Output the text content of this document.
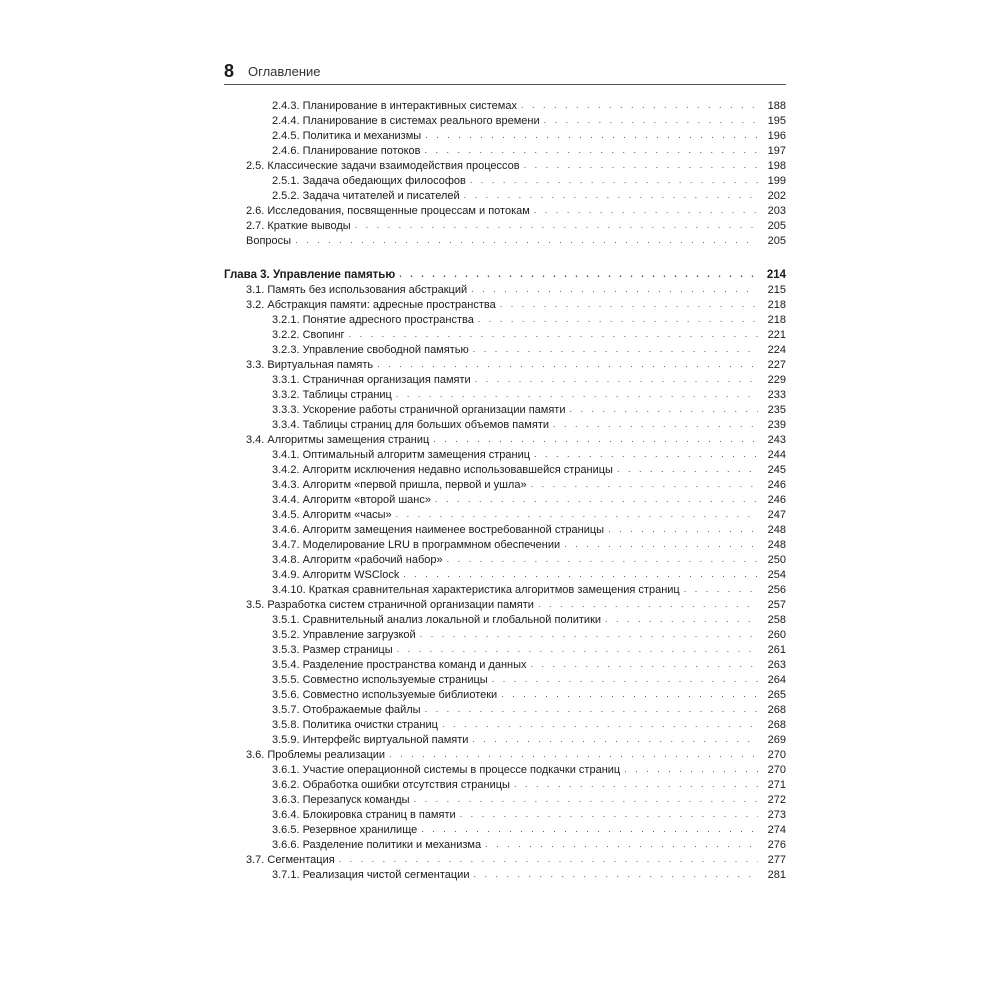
8 Оглавление
2.4.3. Планирование в интерактивных системах . . .	188
2.4.4. Планирование в системах реального времени . . .	195
2.4.5. Политика и механизмы . . .	196
2.4.6. Планирование потоков . . .	197
2.5. Классические задачи взаимодействия процессов . . .	198
2.5.1. Задача обедающих философов . . .	199
2.5.2. Задача читателей и писателей . . .	202
2.6. Исследования, посвященные процессам и потокам . . .	203
2.7. Краткие выводы . . .	205
Вопросы . . .	205
Глава 3. Управление памятью . . .	214
3.1. Память без использования абстракций . . .	215
3.2. Абстракция памяти: адресные пространства . . .	218
3.2.1. Понятие адресного пространства . . .	218
3.2.2. Свопинг . . .	221
3.2.3. Управление свободной памятью . . .	224
3.3. Виртуальная память . . .	227
3.3.1. Страничная организация памяти . . .	229
3.3.2. Таблицы страниц . . .	233
3.3.3. Ускорение работы страничной организации памяти . . .	235
3.3.4. Таблицы страниц для больших объемов памяти . . .	239
3.4. Алгоритмы замещения страниц . . .	243
3.4.1. Оптимальный алгоритм замещения страниц . . .	244
3.4.2. Алгоритм исключения недавно использовавшейся страницы . . .	245
3.4.3. Алгоритм «первой пришла, первой и ушла» . . .	246
3.4.4. Алгоритм «второй шанс» . . .	246
3.4.5. Алгоритм «часы» . . .	247
3.4.6. Алгоритм замещения наименее востребованной страницы . . .	248
3.4.7. Моделирование LRU в программном обеспечении . . .	248
3.4.8. Алгоритм «рабочий набор» . . .	250
3.4.9. Алгоритм WSClock . . .	254
3.4.10. Краткая сравнительная характеристика алгоритмов замещения страниц . . .	256
3.5. Разработка систем страничной организации памяти . . .	257
3.5.1. Сравнительный анализ локальной и глобальной политики . . .	258
3.5.2. Управление загрузкой . . .	260
3.5.3. Размер страницы . . .	261
3.5.4. Разделение пространства команд и данных . . .	263
3.5.5. Совместно используемые страницы . . .	264
3.5.6. Совместно используемые библиотеки . . .	265
3.5.7. Отображаемые файлы . . .	268
3.5.8. Политика очистки страниц . . .	268
3.5.9. Интерфейс виртуальной памяти . . .	269
3.6. Проблемы реализации . . .	270
3.6.1. Участие операционной системы в процессе подкачки страниц . . .	270
3.6.2. Обработка ошибки отсутствия страницы . . .	271
3.6.3. Перезапуск команды . . .	272
3.6.4. Блокировка страниц в памяти . . .	273
3.6.5. Резервное хранилище . . .	274
3.6.6. Разделение политики и механизма . . .	276
3.7. Сегментация . . .	277
3.7.1. Реализация чистой сегментации . . .	281
